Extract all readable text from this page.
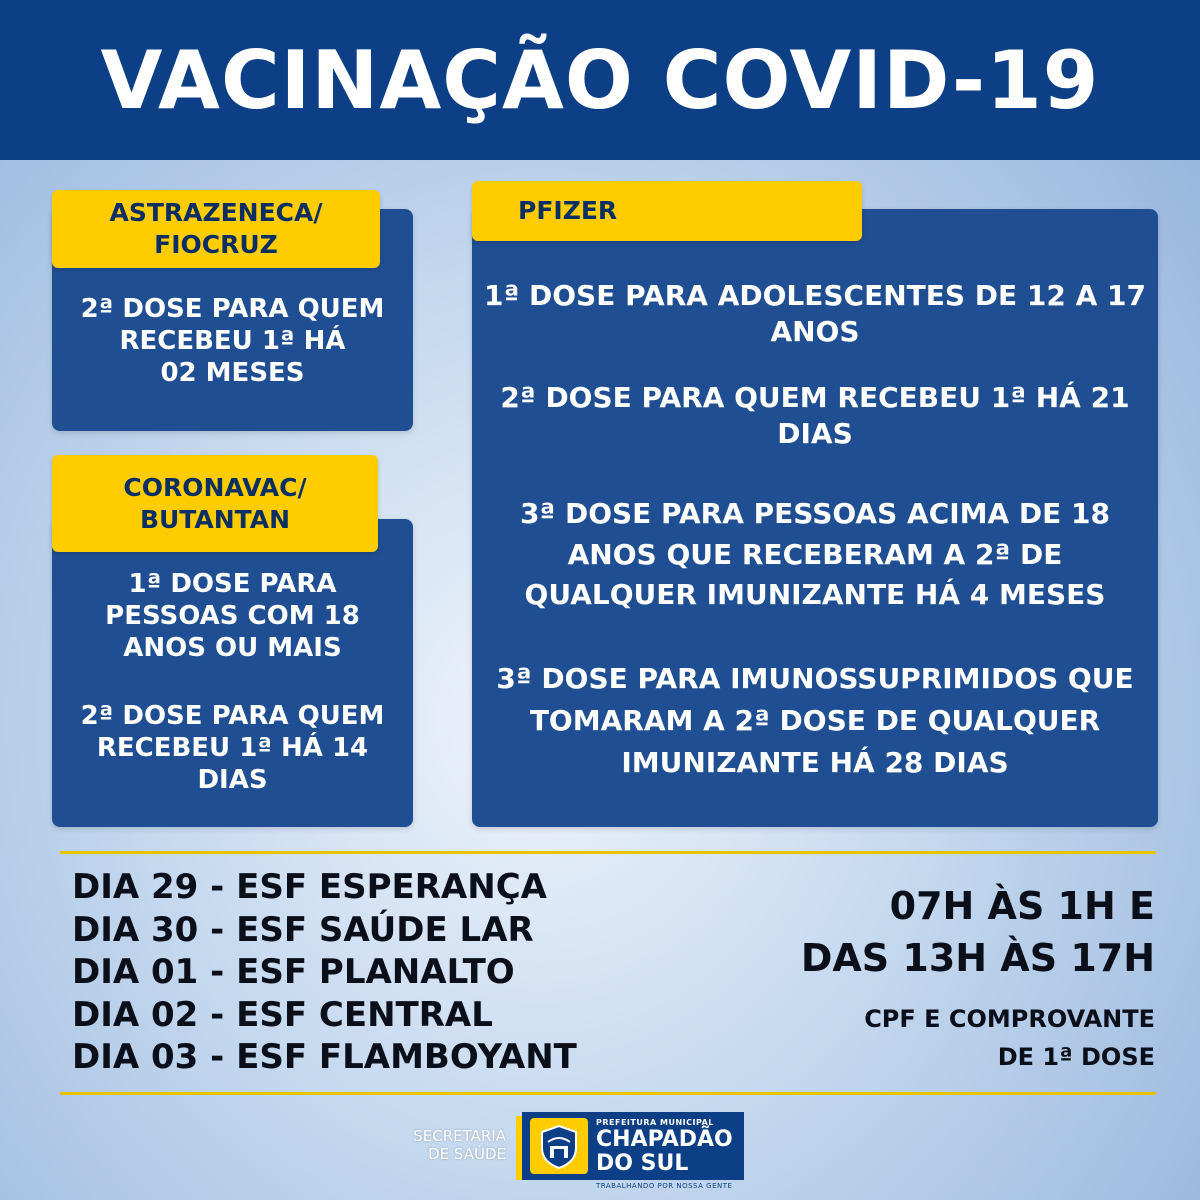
VACINAÇÃO COVID-19
ASTRAZENECA/
FIOCRUZ
2ª DOSE PARA QUEM
RECEBEU 1ª HÁ
02 MESES
CORONAVAC/
BUTANTAN
1ª DOSE PARA
PESSOAS COM 18
ANOS OU MAIS
2ª DOSE PARA QUEM
RECEBEU 1ª HÁ 14
DIAS
PFIZER
1ª DOSE PARA ADOLESCENTES DE 12 A 17
ANOS
2ª DOSE PARA QUEM RECEBEU 1ª HÁ 21
DIAS
3ª DOSE PARA PESSOAS ACIMA DE 18
ANOS QUE RECEBERAM A 2ª DE
QUALQUER IMUNIZANTE HÁ 4 MESES
3ª DOSE PARA IMUNOSSUPRIMIDOS QUE
TOMARAM A 2ª DOSE DE QUALQUER
IMUNIZANTE HÁ 28 DIAS
DIA 29 - ESF ESPERANÇA
DIA 30 - ESF SAÚDE LAR
DIA 01 - ESF PLANALTO
DIA 02 - ESF CENTRAL
DIA 03 - ESF FLAMBOYANT
07H ÀS 1H E
DAS 13H ÀS 17H
CPF E COMPROVANTE
DE 1ª DOSE
SECRETARIA
DE SAÚDE
PREFEITURA MUNICIPAL
CHAPADÃO
DO SUL
TRABALHANDO POR NOSSA GENTE
